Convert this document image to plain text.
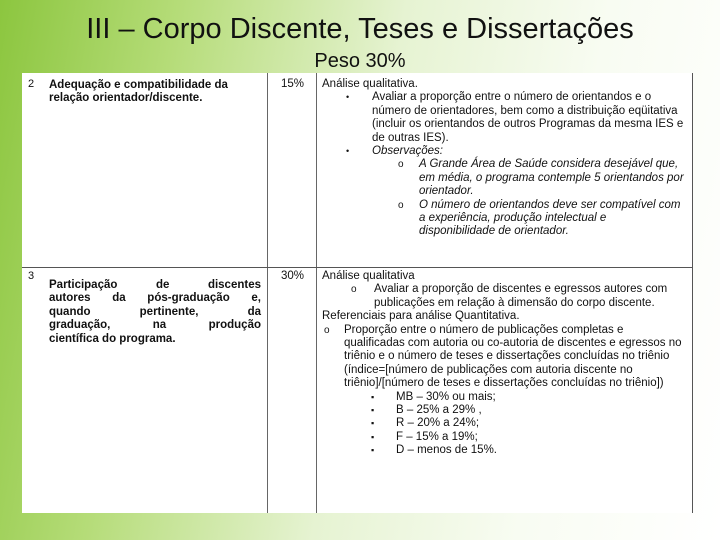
III – Corpo Discente, Teses e Dissertações
Peso 30%
2 Adequação e compatibilidade da relação orientador/discente.
15%	Análise qualitativa.
• Avaliar a proporção entre o número de orientandos e o número de orientadores, bem como a distribuição eqüitativa (incluir os orientandos de outros Programas da mesma IES e de outras IES).
• Observações:
o A Grande Área de Saúde considera desejável que, em média, o programa contemple 5 orientandos por orientador.
o O número de orientandos deve ser compatível com a experiência, produção intelectual e disponibilidade de orientador.
3
Participação de discentes
autores da pós-graduação e,
quando pertinente, da
graduação, na produção
científica do programa.
30%	Análise qualitativa
o Avaliar a proporção de discentes e egressos autores com publicações em relação à dimensão do corpo discente.
Referenciais para análise Quantitativa.
o Proporção entre o número de publicações completas e qualificadas com autoria ou co-autoria de discentes e egressos no triênio e o número de teses e dissertações concluídas no triênio (índice=[número de publicações com autoria discente no triênio]/[número de teses e dissertações concluídas no triênio])
▪ MB – 30% ou mais;
▪ B – 25% a 29% ,
▪ R – 20% a 24%;
▪ F – 15% a 19%;
▪ D – menos de 15%.
